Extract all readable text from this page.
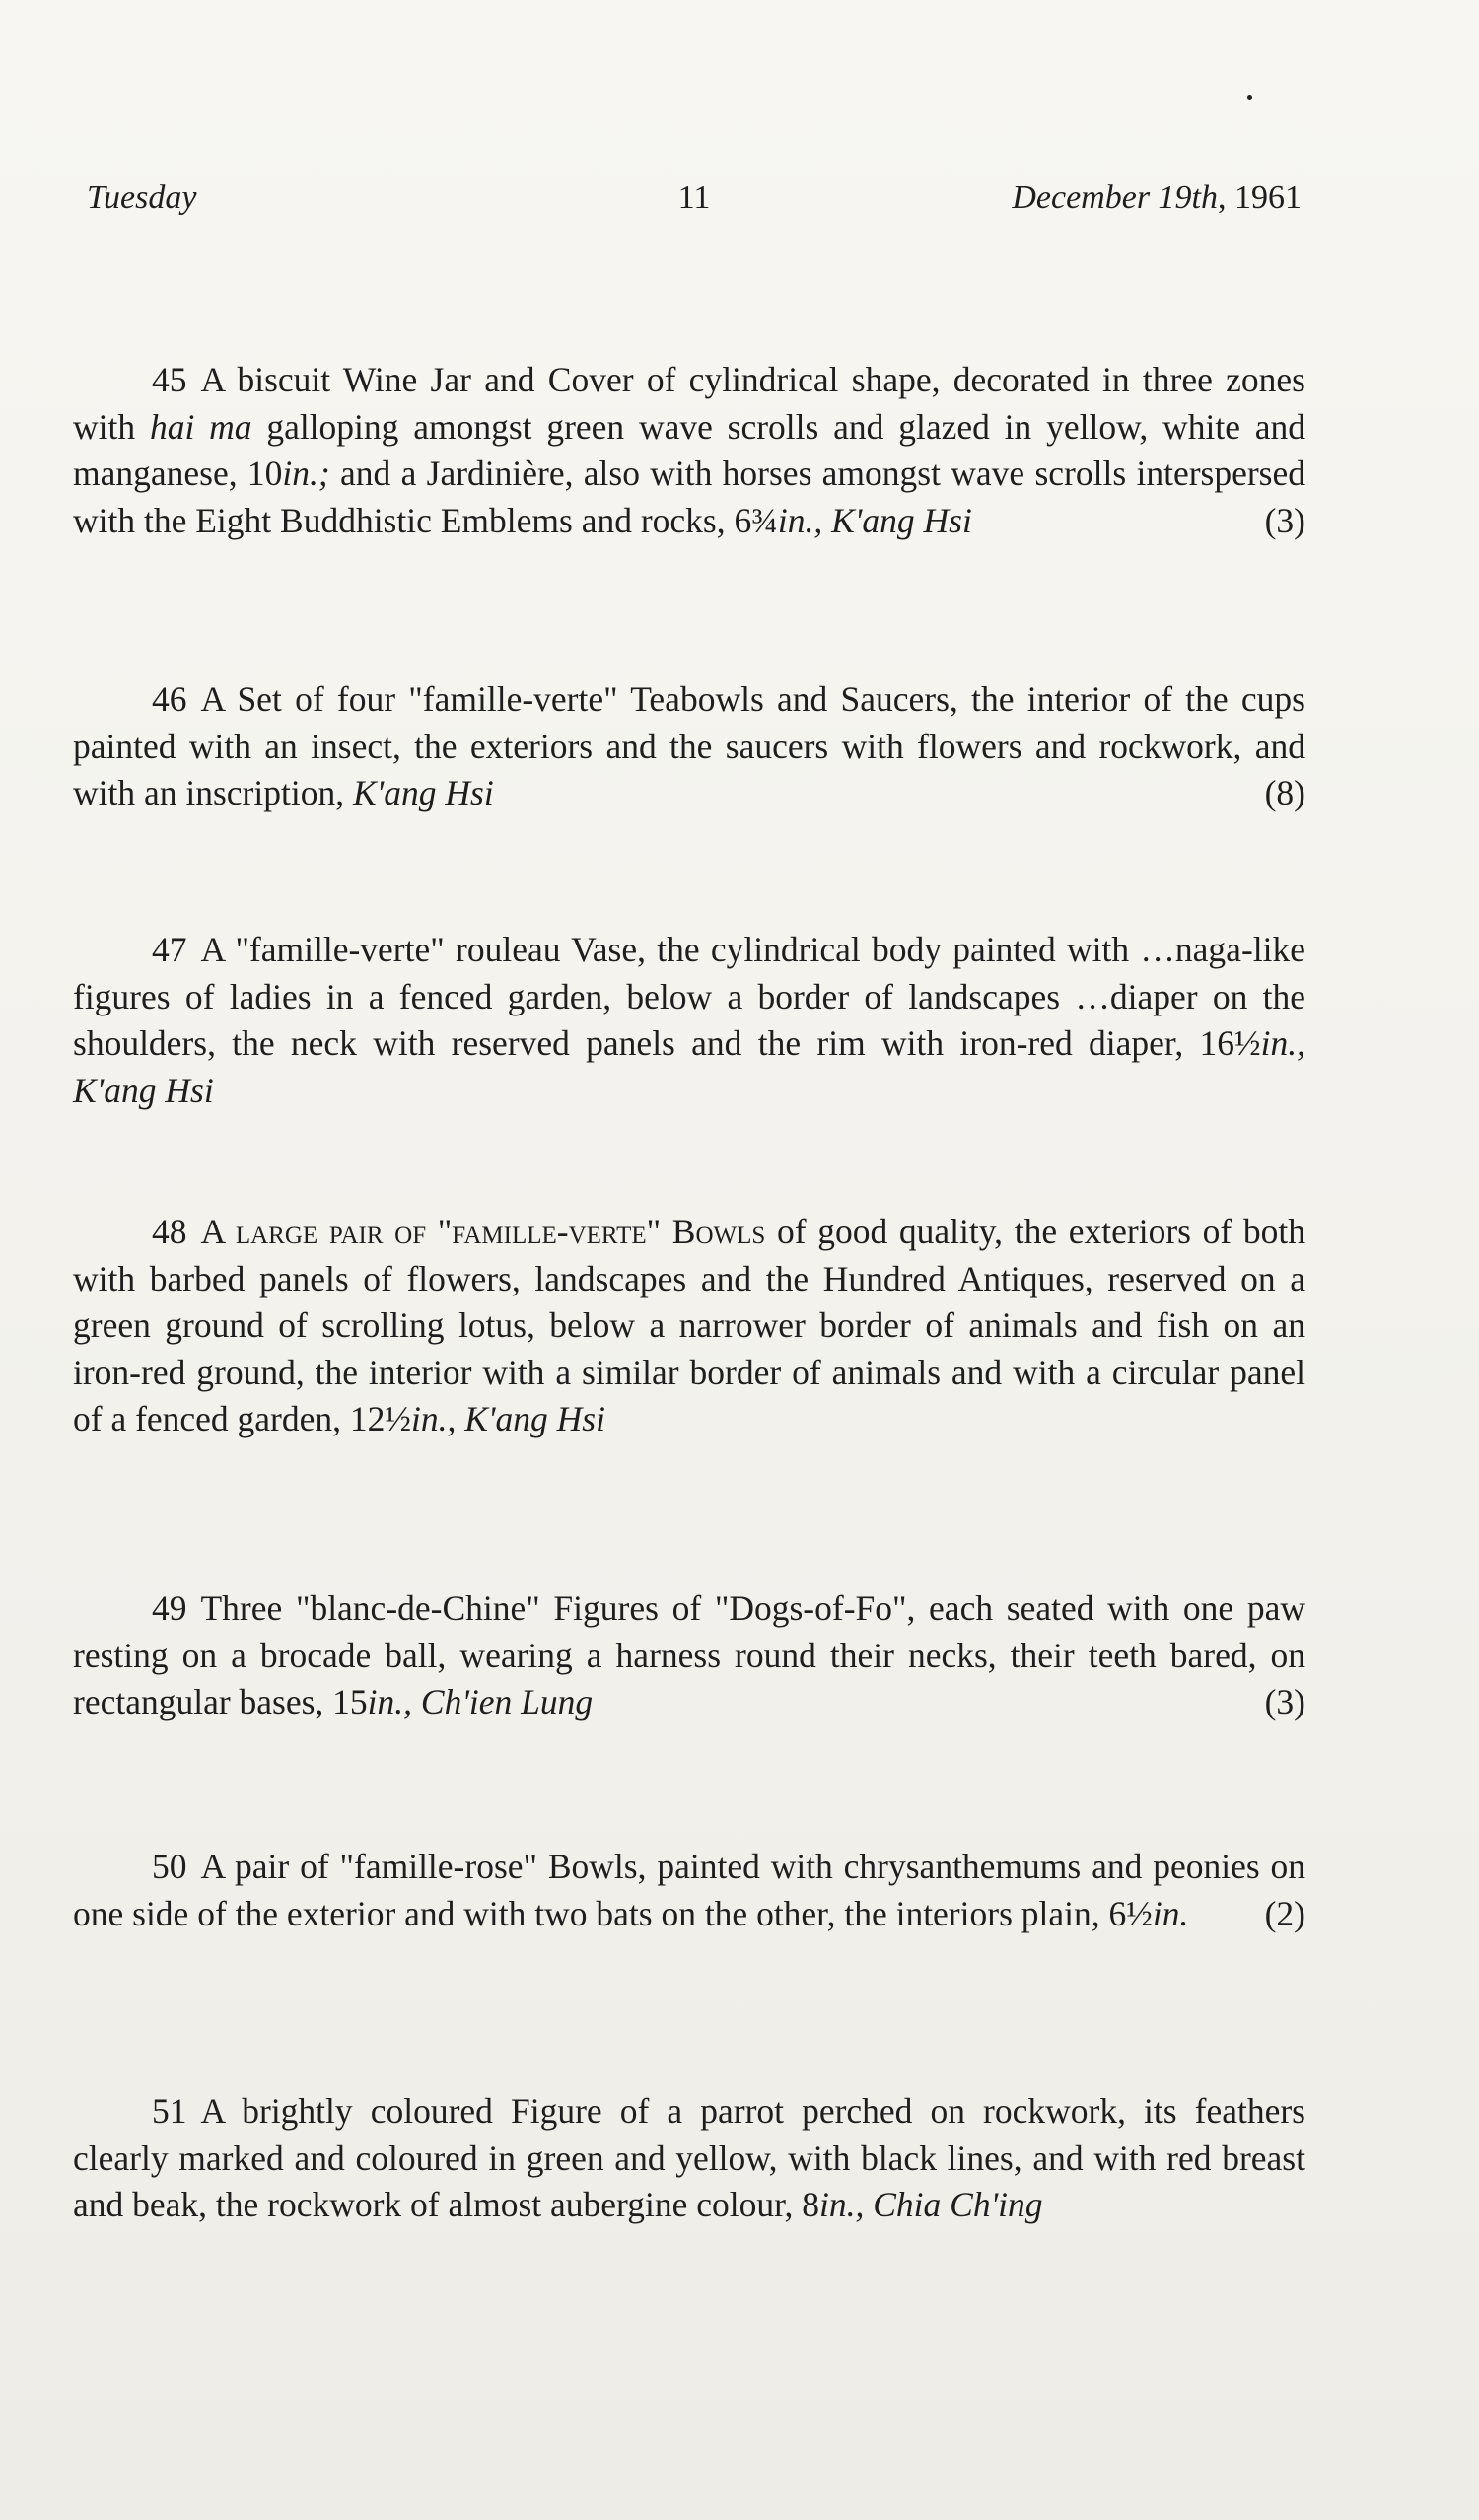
Tuesday	11	December 19th, 1961
45 A biscuit Wine Jar and Cover of cylindrical shape, decorated in three zones with hai ma galloping amongst green wave scrolls and glazed in yellow, white and manganese, 10in.; and a Jardinière, also with horses amongst wave scrolls interspersed with the Eight Buddhistic Emblems and rocks, 6¾in., K'ang Hsi	(3)
46 A Set of four "famille-verte" Teabowls and Saucers, the interior of the cups painted with an insect, the exteriors and the saucers with flowers and rockwork, and with an inscription, K'ang Hsi	(8)
47 A "famille-verte" rouleau Vase, the cylindrical body painted with …naga-like figures of ladies in a fenced garden, below a border of landscapes …diaper on the shoulders, the neck with reserved panels and the rim with iron-red diaper, 16½in., K'ang Hsi
48 A large pair of "famille-verte" Bowls of good quality, the exteriors of both with barbed panels of flowers, landscapes and the Hundred Antiques, reserved on a green ground of scrolling lotus, below a narrower border of animals and fish on an iron-red ground, the interior with a similar border of animals and with a circular panel of a fenced garden, 12½in., K'ang Hsi
49 Three "blanc-de-Chine" Figures of "Dogs-of-Fo", each seated with one paw resting on a brocade ball, wearing a harness round their necks, their teeth bared, on rectangular bases, 15in., Ch'ien Lung	(3)
50 A pair of "famille-rose" Bowls, painted with chrysanthemums and peonies on one side of the exterior and with two bats on the other, the interiors plain, 6½in. (2)
51 A brightly coloured Figure of a parrot perched on rockwork, its feathers clearly marked and coloured in green and yellow, with black lines, and with red breast and beak, the rockwork of almost aubergine colour, 8in., Chia Ch'ing
